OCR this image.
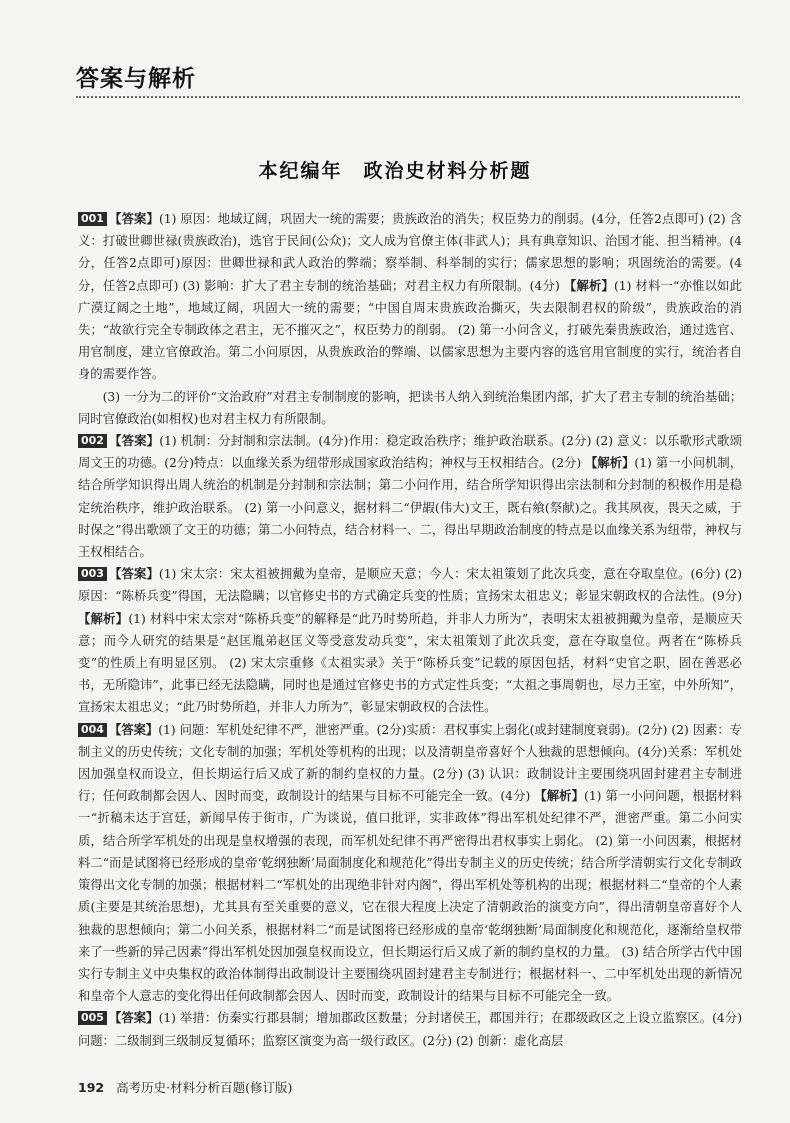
答案与解析
本纪编年　政治史材料分析题
001 【答案】(1) 原因：地域辽阔，巩固大一统的需要；贵族政治的消失；权臣势力的削弱。(4分，任答2点即可) (2) 含义：打破世卿世禄(贵族政治)，选官于民间(公众)；文人成为官僚主体(非武人)；具有典章知识、治国才能、担当精神。(4分，任答2点即可)原因：世卿世禄和武人政治的弊端；察举制、科举制的实行；儒家思想的影响；巩固统治的需要。(4分，任答2点即可) (3) 影响：扩大了君主专制的统治基础；对君主权力有所限制。(4分) 【解析】(1) 材料一“亦惟以如此广漠辽阔之土地”，地域辽阔，巩固大一统的需要；“中国自周末贵族政治撕灭，失去限制君权的阶级”，贵族政治的消失；“故欲行完全专制政体之君主，无不摧灭之”，权臣势力的削弱。 (2) 第一小问含义，打破先秦贵族政治，通过选官、用官制度，建立官僚政治。第二小问原因，从贵族政治的弊端、以儒家思想为主要内容的选官用官制度的实行，统治者自身的需要作答。

(3) 一分为二的评价“文治政府”对君主专制制度的影响，把读书人纳入到统治集团内部，扩大了君主专制的统治基础；同时官僚政治(如相权)也对君主权力有所限制。

002 【答案】(1) 机制：分封制和宗法制。(4分)作用：稳定政治秩序；维护政治联系。(2分) (2) 意义：以乐歌形式歌颂周文王的功德。(2分)特点：以血缘关系为纽带形成国家政治结构；神权与王权相结合。(2分) 【解析】(1) 第一小问机制，结合所学知识得出周人统治的机制是分封制和宗法制；第二小问作用，结合所学知识得出宗法制和分封制的积极作用是稳定统治秩序，维护政治联系。 (2) 第一小问意义，据材料二“伊嘏(伟大)文王，既右飨(祭献)之。我其夙夜，畏天之威，于时保之”得出歌颂了文王的功德；第二小问特点，结合材料一、二，得出早期政治制度的特点是以血缘关系为纽带，神权与王权相结合。
003 【答案】(1) 宋太宗：宋太祖被拥戴为皇帝，是顺应天意；今人：宋太祖策划了此次兵变，意在夺取皇位。(6分) (2) 原因：“陈桥兵变”得国，无法隐瞒；以官修史书的方式确定兵变的性质；宣扬宋太祖忠义；彰显宋朝政权的合法性。(9分) 【解析】(1) 材料中宋太宗对“陈桥兵变”的解释是“此乃时势所趋，并非人力所为”，表明宋太祖被拥戴为皇帝，是顺应天意；而今人研究的结果是“赵匡胤弟赵匡义等受意发动兵变”，宋太祖策划了此次兵变，意在夺取皇位。两者在“陈桥兵变”的性质上有明显区别。 (2) 宋太宗重修《太祖实录》关于“陈桥兵变”记载的原因包括，材料“史官之职，固在善恶必书，无所隐讳”，此事已经无法隐瞒，同时也是通过官修史书的方式定性兵变；“太祖之事周朝也，尽力王室，中外所知”，宣扬宋太祖忠义；“此乃时势所趋，并非人力所为”，彰显宋朝政权的合法性。
004 【答案】(1) 问题：军机处纪律不严，泄密严重。(2分)实质：君权事实上弱化(或封建制度衰弱)。(2分) (2) 因素：专制主义的历史传统；文化专制的加强；军机处等机构的出现；以及清朝皇帝喜好个人独裁的思想倾向。(4分)关系：军机处因加强皇权而设立，但长期运行后又成了新的制约皇权的力量。(2分) (3) 认识：政制设计主要围绕巩固封建君主专制进行；任何政制都会因人、因时而变，政制设计的结果与目标不可能完全一致。(4分) 【解析】(1) 第一小问问题，根据材料一“折稿未达于宫廷，新闻早传于街市，广为谈说，值口批评，实非政体”得出军机处纪律不严，泄密严重。第二小问实质，结合所学军机处的出现是皇权增强的表现，而军机处纪律不再严密得出君权事实上弱化。 (2) 第一小问因素，根据材料二“而是试图将已经形成的皇帝‘乾纲独断’局面制度化和规范化”得出专制主义的历史传统；结合所学清朝实行文化专制政策得出文化专制的加强；根据材料二“军机处的出现绝非针对内阁”，得出军机处等机构的出现；根据材料二“皇帝的个人素质(主要是其统治思想)，尤其具有至关重要的意义，它在很大程度上决定了清朝政治的演变方向”，得出清朝皇帝喜好个人独裁的思想倾向；第二小问关系，根据材料二“而是试图将已经形成的皇帝‘乾纲独断’局面制度化和规范化，逐渐给皇权带来了一些新的异己因素”得出军机处因加强皇权而设立，但长期运行后又成了新的制约皇权的力量。 (3) 结合所学古代中国实行专制主义中央集权的政治体制得出政制设计主要围绕巩固封建君主专制进行；根据材料一、二中军机处出现的新情况和皇帝个人意志的变化得出任何政制都会因人、因时而变，政制设计的结果与目标不可能完全一致。
005 【答案】(1) 举措：仿秦实行郡县制；增加郡政区数量；分封诸侯王，郡国并行；在郡级政区之上设立监察区。(4分)问题：二级制到三级制反复循环；监察区演变为高一级行政区。(2分) (2) 创新：虚化高层
192 高考历史·材料分析百题(修订版)
